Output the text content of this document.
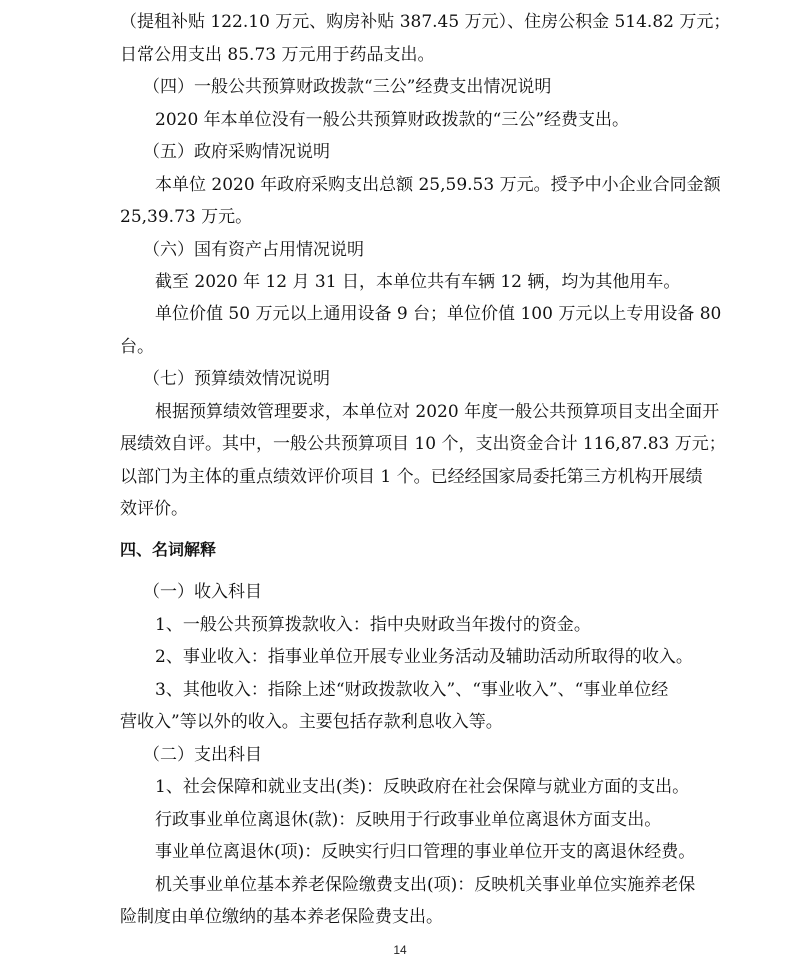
（提租补贴 122.10 万元、购房补贴 387.45 万元）、住房公积金 514.82 万元；
日常公用支出 85.73 万元用于药品支出。
（四）一般公共预算财政拨款“三公”经费支出情况说明
2020 年本单位没有一般公共预算财政拨款的“三公”经费支出。
（五）政府采购情况说明
本单位 2020 年政府采购支出总额 25,59.53 万元。授予中小企业合同金额
25,39.73 万元。
（六）国有资产占用情况说明
截至 2020 年 12 月 31 日，本单位共有车辆 12 辆，均为其他用车。
单位价值 50 万元以上通用设备 9 台；单位价值 100 万元以上专用设备 80
台。
（七）预算绩效情况说明
根据预算绩效管理要求，本单位对 2020 年度一般公共预算项目支出全面开
展绩效自评。其中，一般公共预算项目 10 个，支出资金合计 116,87.83 万元；
以部门为主体的重点绩效评价项目 1 个。已经经国家局委托第三方机构开展绩
效评价。
四、名词解释
（一）收入科目
1、一般公共预算拨款收入：指中央财政当年拨付的资金。
2、事业收入：指事业单位开展专业业务活动及辅助活动所取得的收入。
3、其他收入：指除上述“财政拨款收入”、“事业收入”、“事业单位经
营收入”等以外的收入。主要包括存款利息收入等。
（二）支出科目
1、社会保障和就业支出(类)：反映政府在社会保障与就业方面的支出。
行政事业单位离退休(款)：反映用于行政事业单位离退休方面支出。
事业单位离退休(项)：反映实行归口管理的事业单位开支的离退休经费。
机关事业单位基本养老保险缴费支出(项)：反映机关事业单位实施养老保
险制度由单位缴纳的基本养老保险费支出。
14
